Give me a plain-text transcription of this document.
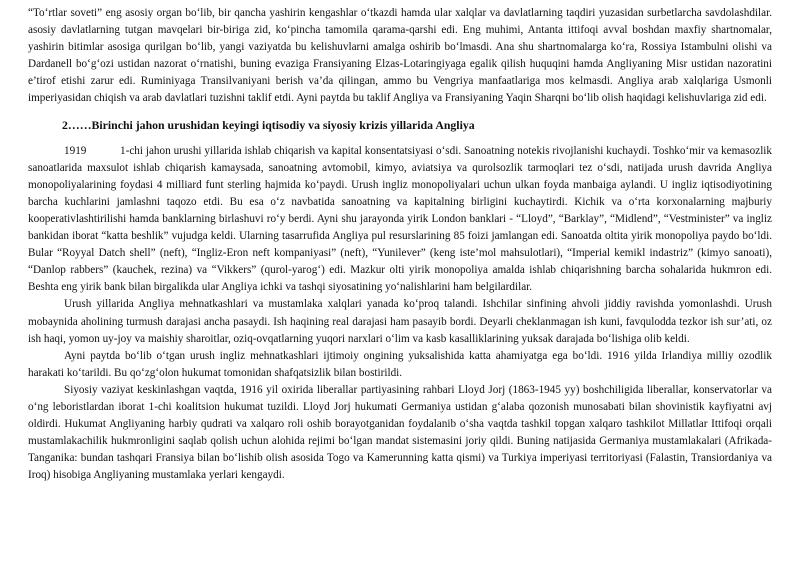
“To‘rtlar soveti” eng asosiy organ bo‘lib, bir qancha yashirin kengashlar o‘tkazdi hamda ular xalqlar va davlatlarning taqdiri yuzasidan surbetlarcha savdolashdilar. asosiy davlatlarning tutgan mavqelari bir-biriga zid, ko‘pincha tamomila qarama-qarshi edi. Eng muhimi, Antanta ittifoqi avval boshdan maxfiy shartnomalar, yashirin bitimlar asosiga qurilgan bo‘lib, yangi vaziyatda bu kelishuvlarni amalga oshirib bo‘lmasdi. Ana shu shartnomalarga ko‘ra, Rossiya Istambulni olishi va Dardanell bo‘g‘ozi ustidan nazorat o‘rnatishi, buning evaziga Fransiyaning Elzas-Lotaringiyaga egalik qilish huquqini hamda Angliyaning Misr ustidan nazoratini e’tirof etishi zarur edi. Ruminiyaga Transilvaniyani berish va’da qilingan, ammo bu Vengriya manfaatlariga mos kelmasdi. Angliya arab xalqlariga Usmonli imperiyasidan chiqish va arab davlatlari tuzishni taklif etdi. Ayni paytda bu taklif Angliya va Fransiyaning Yaqin Sharqni bo‘lib olish haqidagi kelishuvlariga zid edi.

2……Birinchi jahon urushidan keyingi iqtisodiy va siyosiy krizis yillarida Angliya

1919	1-chi jahon urushi yillarida ishlab chiqarish va kapital konsentatsiyasi o‘sdi. Sanoatning notekis rivojlanishi kuchaydi. Toshko‘mir va kemasozlik sanoatlarida maxsulot ishlab chiqarish kamaysada, sanoatning avtomobil, kimyo, aviatsiya va qurolsozlik tarmoqlari tez o‘sdi, natijada urush davrida Angliya monopoliyalarining foydasi 4 milliard funt sterling hajmida ko‘paydi. Urush ingliz monopoliyalari uchun ulkan foyda manbaiga aylandi. U ingliz iqtisodiyotining barcha kuchlarini jamlashni taqozo etdi. Bu esa o‘z navbatida sanoatning va kapitalning birligini kuchaytirdi. Kichik va o‘rta korxonalarning majburiy kooperativlashtirilishi hamda banklarning birlashuvi ro‘y berdi. Ayni shu jarayonda yirik London banklari - “Lloyd”, “Barklay”, “Midlend”, “Vestminister” va ingliz bankidan iborat “katta beshlik” vujudga keldi. Ularning tasarrufida Angliya pul resurslarining 85 foizi jamlangan edi. Sanoatda oltita yirik monopoliya paydo bo‘ldi. Bular “Royyal Datch shell” (neft), “Ingliz-Eron neft kompaniyasi” (neft), “Yunilever” (keng iste’mol mahsulotlari), “Imperial kemikl indastriz” (kimyo sanoati), “Danlop rabbers” (kauchek, rezina) va “Vikkers” (qurol-yarog‘) edi. Mazkur olti yirik monopoliya amalda ishlab chiqarishning barcha sohalarida hukmron edi. Beshta eng yirik bank bilan birgalikda ular Angliya ichki va tashqi siyosatining yo‘nalishlarini ham belgilardilar.

Urush yillarida Angliya mehnatkashlari va mustamlaka xalqlari yanada ko‘proq talandi. Ishchilar sinfining ahvoli jiddiy ravishda yomonlashdi. Urush mobaynida aholining turmush darajasi ancha pasaydi. Ish haqining real darajasi ham pasayib bordi. Deyarli cheklanmagan ish kuni, favqulodda tezkor ish sur’ati, oz ish haqi, yomon uy-joy va maishiy sharoitlar, oziq-ovqatlarning yuqori narxlari o‘lim va kasb kasalliklarining yuksak darajada bo‘lishiga olib keldi.

Ayni paytda bo‘lib o‘tgan urush ingliz mehnatkashlari ijtimoiy ongining yuksalishida katta ahamiyatga ega bo‘ldi. 1916 yilda Irlandiya milliy ozodlik harakati ko‘tarildi. Bu qo‘zg‘olon hukumat tomonidan shafqatsizlik bilan bostirildi.

Siyosiy vaziyat keskinlashgan vaqtda, 1916 yil oxirida liberallar partiyasining rahbari Lloyd Jorj (1863-1945 yy) boshchiligida liberallar, konservatorlar va o‘ng leboristlardan iborat 1-chi koalitsion hukumat tuzildi. Lloyd Jorj hukumati Germaniya ustidan g‘alaba qozonish munosabati bilan shovinistik kayfiyatni avj oldirdi. Hukumat Angliyaning harbiy qudrati va xalqaro roli oshib borayotganidan foydalanib o‘sha vaqtda tashkil topgan xalqaro tashkilot Millatlar Ittifoqi orqali mustamlakachilik hukmronligini saqlab qolish uchun alohida rejimi bo‘lgan mandat sistemasini joriy qildi. Buning natijasida Germaniya mustamlakalari (Afrikada-Tanganika: bundan tashqari Fransiya bilan bo‘lishib olish asosida Togo va Kamerunning katta qismi) va Turkiya imperiyasi territoriyasi (Falastin, Transiordaniya va Iroq) hisobiga Angliyaning mustamlaka yerlari kengaydi.
